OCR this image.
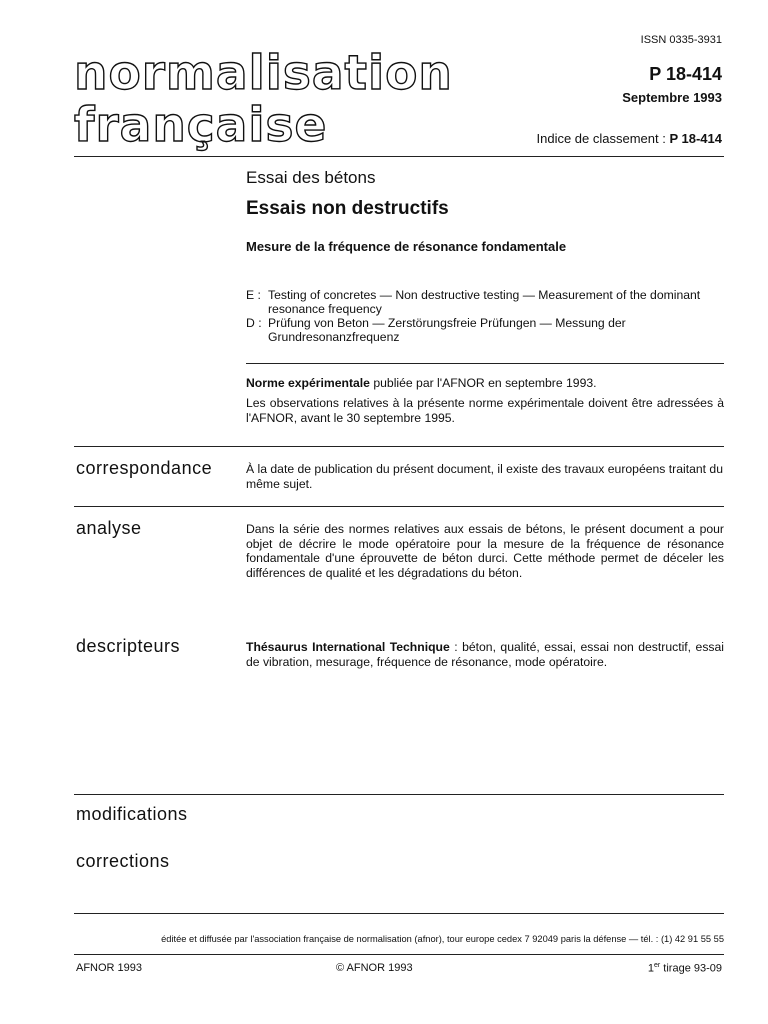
ISSN 0335-3931
normalisation
française
P 18-414
Septembre 1993
Indice de classement : P 18-414
Essai des bétons
Essais non destructifs
Mesure de la fréquence de résonance fondamentale
E : Testing of concretes — Non destructive testing — Measurement of the dominant resonance frequency
D : Prüfung von Beton — Zerstörungsfreie Prüfungen — Messung der Grundresonanzfrequenz
Norme expérimentale publiée par l'AFNOR en septembre 1993.
Les observations relatives à la présente norme expérimentale doivent être adressées à l'AFNOR, avant le 30 septembre 1995.
correspondance	À la date de publication du présent document, il existe des travaux européens traitant du même sujet.
analyse	Dans la série des normes relatives aux essais de bétons, le présent document a pour objet de décrire le mode opératoire pour la mesure de la fréquence de résonance fondamentale d'une éprouvette de béton durci. Cette méthode permet de déceler les différences de qualité et les dégradations du béton.
descripteurs	Thésaurus International Technique : béton, qualité, essai, essai non destructif, essai de vibration, mesurage, fréquence de résonance, mode opératoire.
modifications
corrections
éditée et diffusée par l'association française de normalisation (afnor), tour europe cedex 7 92049 paris la défense — tél. : (1) 42 91 55 55
AFNOR 1993	© AFNOR 1993	1er tirage 93-09
